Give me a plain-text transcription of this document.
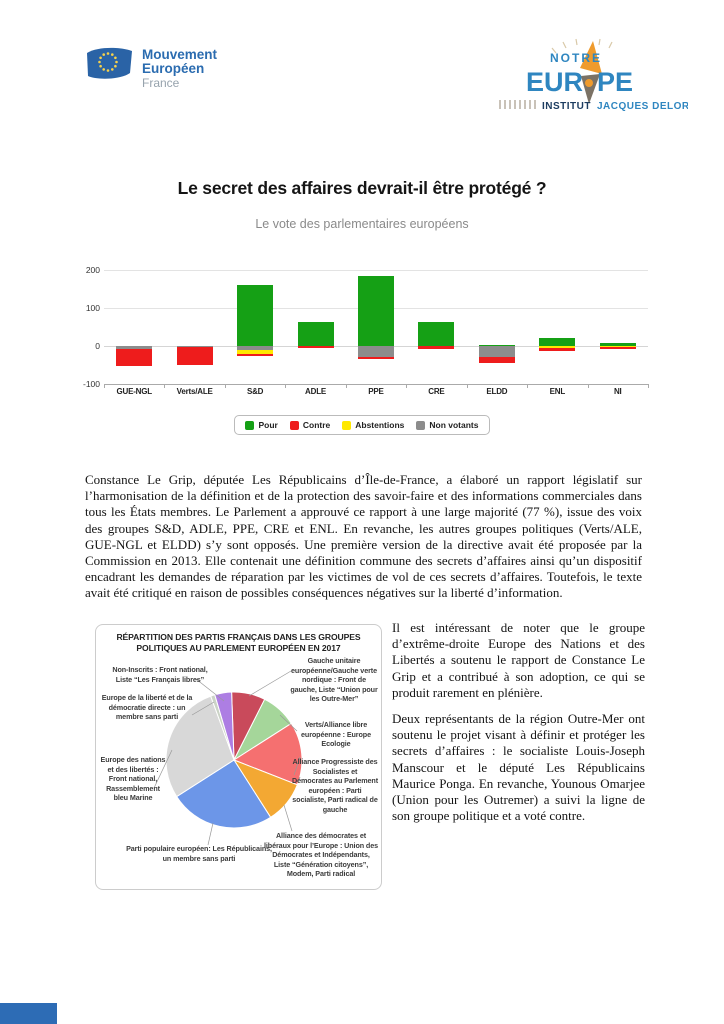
Mouvement
Européen
France
NOTRE
EUR PE
INSTITUT JACQUES DELORS
Le secret des affaires devrait-il être protégé ?
Le vote des parlementaires européens
200
100
0
-100
GUE-NGL	Verts/ALE	S&D	ADLE	PPE	CRE	ELDD	ENL	NI
Pour	Contre	Abstentions	Non votants

Constance Le Grip, députée Les Républicains d’Île-de-France, a élaboré un rapport législatif sur l’harmonisation de la définition et de la protection des savoir-faire et des informations commerciales dans tous les États membres. Le Parlement a approuvé ce rapport à une large majorité (77 %), issue des voix des groupes S&D, ADLE, PPE, CRE et ENL. En revanche, les autres groupes politiques (Verts/ALE, GUE-NGL et ELDD) s’y sont opposés. Une première version de la directive avait été proposée par la Commission en 2013. Elle contenait une définition commune des secrets d’affaires ainsi qu’un dispositif encadrant les demandes de réparation par les victimes de vol de ces secrets d’affaires. Toutefois, le texte avait été critiqué en raison de possibles conséquences négatives sur la liberté d’information.

RÉPARTITION DES PARTIS FRANÇAIS DANS LES GROUPES POLITIQUES AU PARLEMENT EUROPÉEN EN 2017
Gauche unitaire européenne/Gauche verte nordique : Front de gauche, Liste “Union pour les Outre-Mer”
Verts/Alliance libre européenne : Europe Ecologie
Alliance Progressiste des Socialistes et Démocrates au Parlement européen : Parti socialiste, Parti radical de gauche
Alliance des démocrates et libéraux pour l’Europe : Union des Démocrates et Indépendants, Liste “Génération citoyens”, Modem, Parti radical
Parti populaire européen: Les Républicains, un membre sans parti
Europe des nations et des libertés : Front national, Rassemblement bleu Marine
Europe de la liberté et de la démocratie directe : un membre sans parti
Non-Inscrits : Front national, Liste “Les Français libres”

Il est intéressant de noter que le groupe d’extrême-droite Europe des Nations et des Libertés a soutenu le rapport de Constance Le Grip et a contribué à son adoption, ce qui se produit rarement en plénière.

Deux représentants de la région Outre-Mer ont soutenu le projet visant à définir et protéger les secrets d’affaires : le socialiste Louis-Joseph Manscour et le député Les Républicains Maurice Ponga. En revanche, Younous Omarjee (Union pour les Outremer) a suivi la ligne de son groupe politique et a voté contre.
